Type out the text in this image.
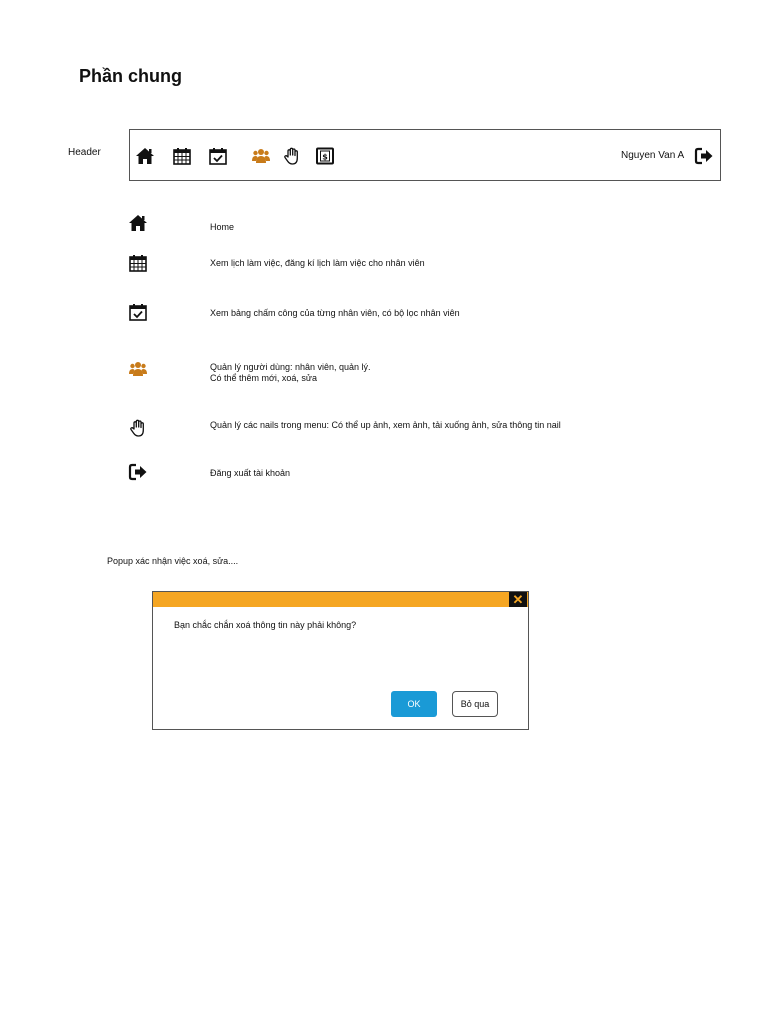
Phần chung
Header	$	Nguyen Van A
Home
Xem lịch làm việc, đăng kí lịch làm việc cho nhân viên
Xem bảng chấm công của từng nhân viên, có bộ lọc nhân viên
Quản lý người dùng: nhân viên, quản lý.
Có thể thêm mới, xoá, sửa
Quản lý các nails trong menu: Có thể up ảnh, xem ảnh, tải xuống ảnh, sửa thông tin nail
Đăng xuất tài khoản
Popup xác nhận việc xoá, sửa....
✕
Bạn chắc chắn xoá thông tin này phải không?
OK	Bỏ qua
